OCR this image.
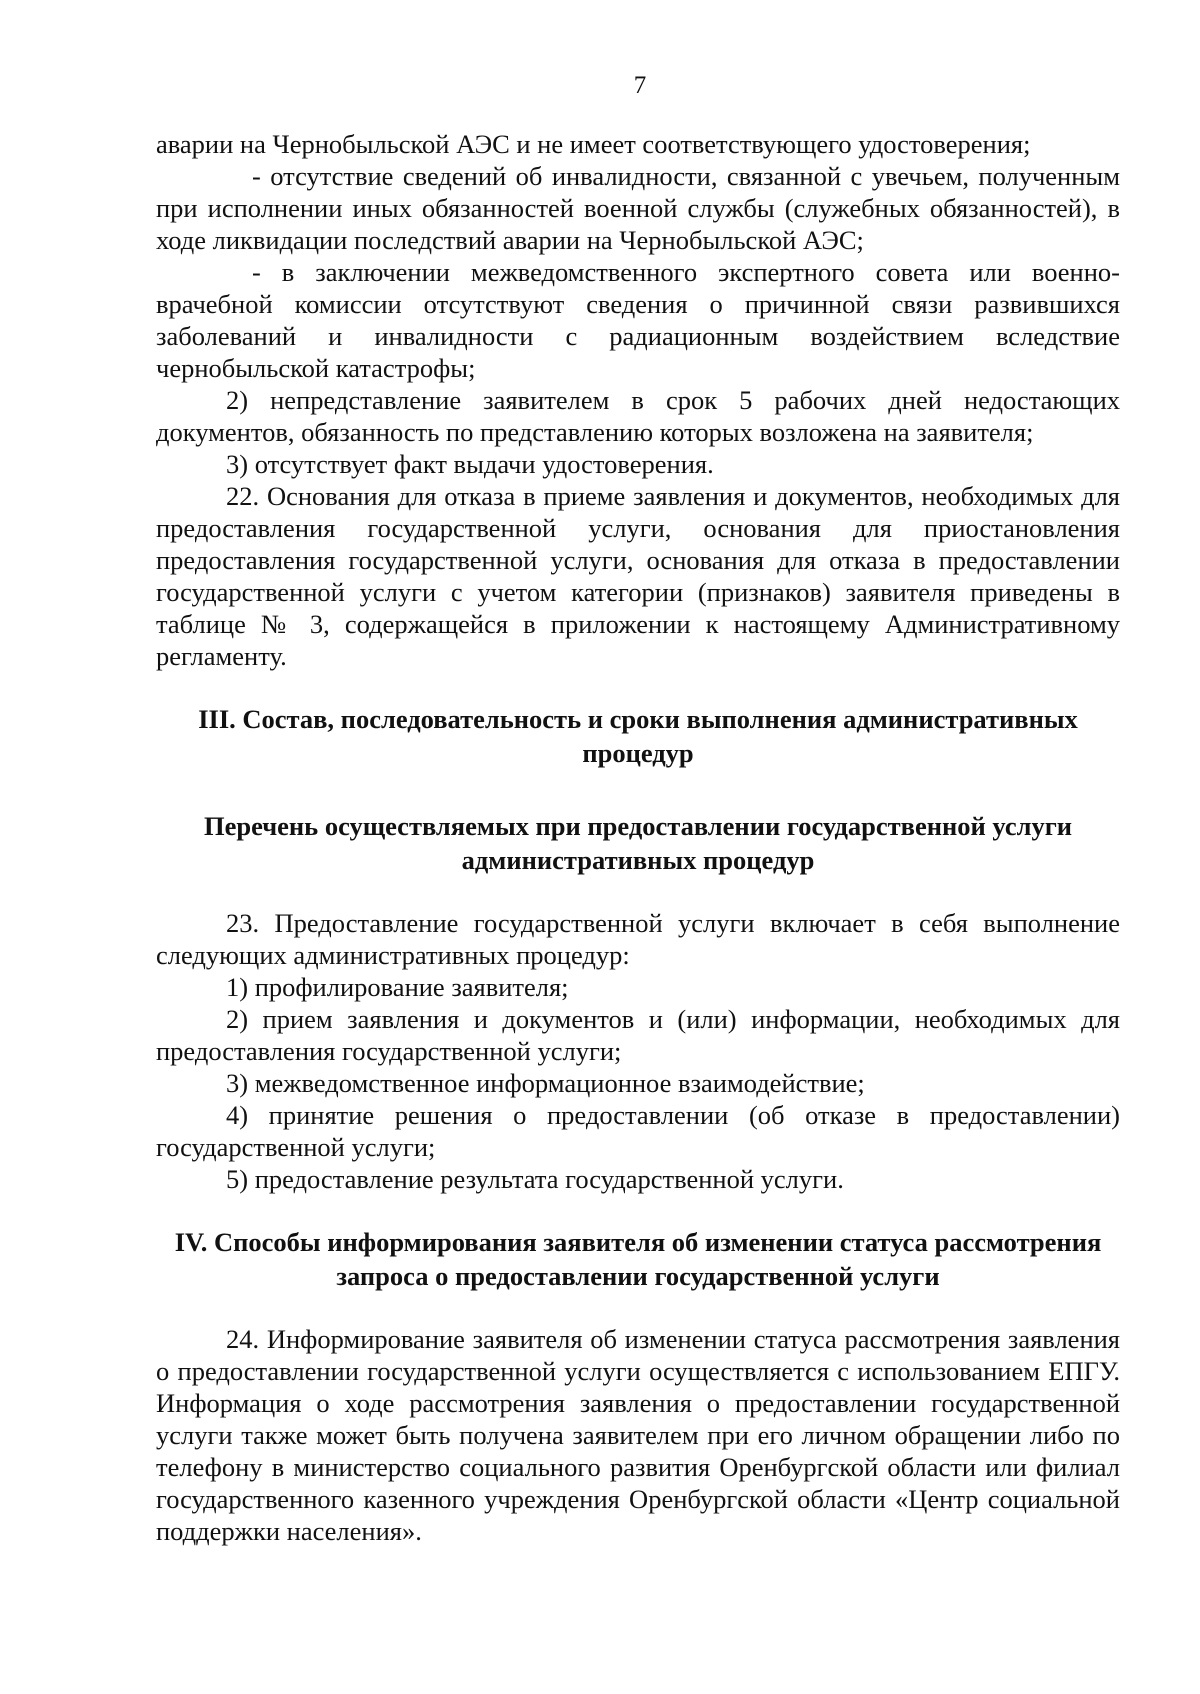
7

аварии на Чернобыльской АЭС и не имеет соответствующего удостоверения;

- отсутствие сведений об инвалидности, связанной с увечьем, полученным при исполнении иных обязанностей военной службы (служебных обязанностей), в ходе ликвидации последствий аварии на Чернобыльской АЭС;

- в заключении межведомственного экспертного совета или военно-врачебной комиссии отсутствуют сведения о причинной связи развившихся заболеваний и инвалидности с радиационным воздействием вследствие чернобыльской катастрофы;

2) непредставление заявителем в срок 5 рабочих дней недостающих документов, обязанность по представлению которых возложена на заявителя;

3) отсутствует факт выдачи удостоверения.

22. Основания для отказа в приеме заявления и документов, необходимых для предоставления государственной услуги, основания для приостановления предоставления государственной услуги, основания для отказа в предоставлении государственной услуги с учетом категории (признаков) заявителя приведены в таблице № 3, содержащейся в приложении к настоящему Административному регламенту.

III. Состав, последовательность и сроки выполнения административных процедур

Перечень осуществляемых при предоставлении государственной услуги административных процедур

23. Предоставление государственной услуги включает в себя выполнение следующих административных процедур:

1) профилирование заявителя;

2) прием заявления и документов и (или) информации, необходимых для предоставления государственной услуги;

3) межведомственное информационное взаимодействие;

4) принятие решения о предоставлении (об отказе в предоставлении) государственной услуги;

5) предоставление результата государственной услуги.

IV. Способы информирования заявителя об изменении статуса рассмотрения запроса о предоставлении государственной услуги

24. Информирование заявителя об изменении статуса рассмотрения заявления о предоставлении государственной услуги осуществляется с использованием ЕПГУ. Информация о ходе рассмотрения заявления о предоставлении государственной услуги также может быть получена заявителем при его личном обращении либо по телефону в министерство социального развития Оренбургской области или филиал государственного казенного учреждения Оренбургской области «Центр социальной поддержки населения».
